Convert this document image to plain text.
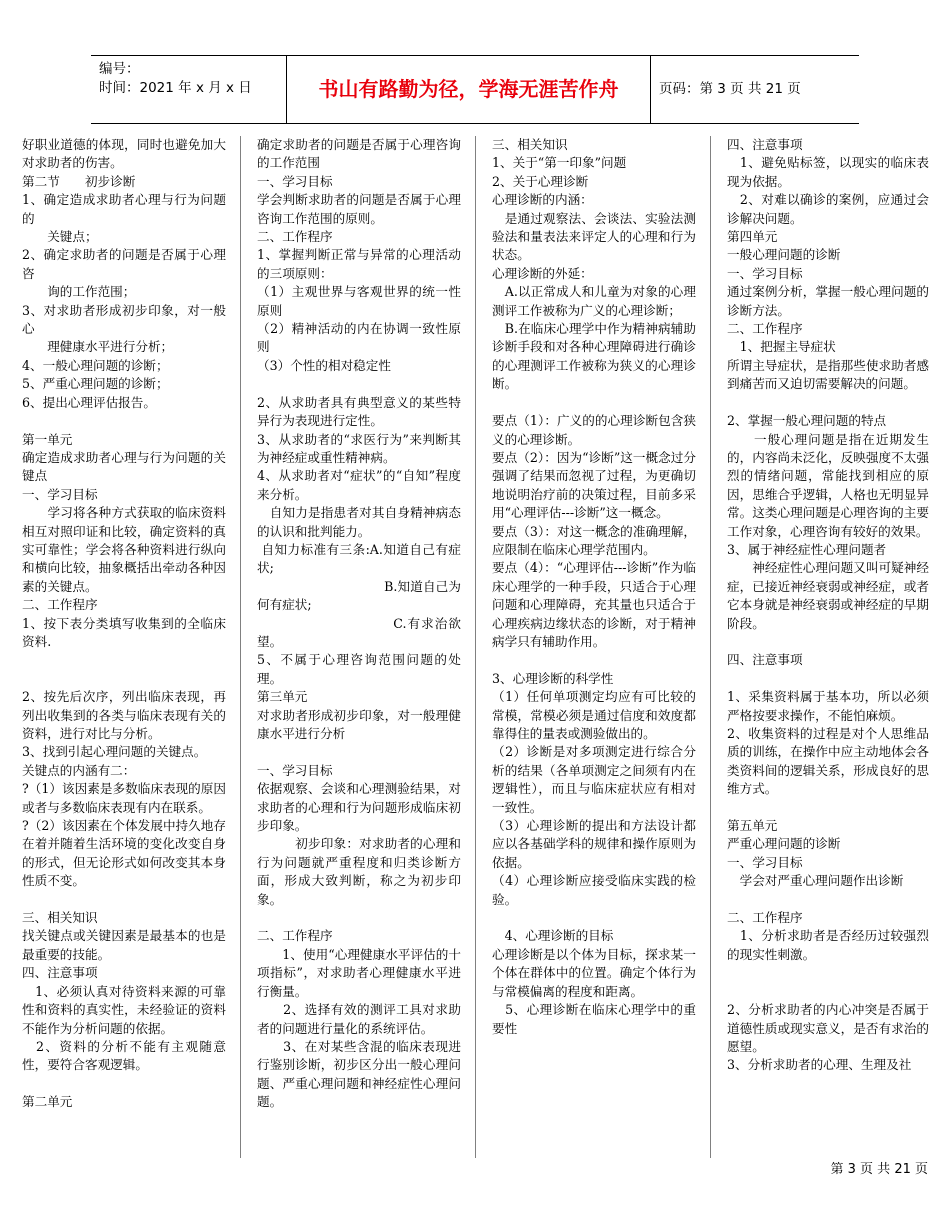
编号：
时间：2021 年 x 月 x 日	书山有路勤为径，学海无涯苦作舟	页码：第 3 页 共 21 页

好职业道德的体现，同时也避免加大对求助者的伤害。

第二节　　初步诊断

1、确定造成求助者心理与行为问题的

　　关键点；

2、确定求助者的问题是否属于心理咨

　　询的工作范围；

3、对求助者形成初步印象，对一般心

　　理健康水平进行分析；

4、一般心理问题的诊断；

5、严重心理问题的诊断；

6、提出心理评估报告。

第一单元

确定造成求助者心理与行为问题的关键点

一、学习目标

　　学习将各种方式获取的临床资料相互对照印证和比较，确定资料的真实可靠性；学会将各种资料进行纵向和横向比较，抽象概括出牵动各种因素的关键点。

二、工作程序

1、按下表分类填写收集到的全临床资料.

2、按先后次序，列出临床表现，再列出收集到的各类与临床表现有关的资料，进行对比与分析。

3、找到引起心理问题的关键点。

关键点的内涵有二：

?（1）该因素是多数临床表现的原因或者与多数临床表现有内在联系。

?（2）该因素在个体发展中持久地存在着并随着生活环境的变化改变自身的形式，但无论形式如何改变其本身性质不变。

三、相关知识

找关键点或关键因素是最基本的也是最重要的技能。

四、注意事项

　1、必须认真对待资料来源的可靠性和资料的真实性，未经验证的资料不能作为分析问题的依据。

　2、资料的分析不能有主观随意性，要符合客观逻辑。

第二单元

确定求助者的问题是否属于心理咨询的工作范围

一、学习目标

学会判断求助者的问题是否属于心理咨询工作范围的原则。

二、工作程序

1、掌握判断正常与异常的心理活动的三项原则：

（1）主观世界与客观世界的统一性原则

（2）精神活动的内在协调一致性原则

（3）个性的相对稳定性

2、从求助者具有典型意义的某些特异行为表现进行定性。

3、从求助者的“求医行为”来判断其为神经症或重性精神病。

4、从求助者对“症状”的“自知”程度来分析。

　自知力是指患者对其自身精神病态的认识和批判能力。

自知力标准有三条:A.知道自己有症状;

　　　　　　　　　　B.知道自己为何有症状;

　　　　　　　　　　C.有求治欲望。

5、不属于心理咨询范围问题的处理。

第三单元

对求助者形成初步印象，对一般理健康水平进行分析

一、学习目标

依据观察、会谈和心理测验结果，对求助者的心理和行为问题形成临床初步印象。

　　　初步印象：对求助者的心理和行为问题就严重程度和归类诊断方面，形成大致判断，称之为初步印象。

二、工作程序

　　1、使用“心理健康水平评估的十项指标”，对求助者心理健康水平进行衡量。

　　2、选择有效的测评工具对求助者的问题进行量化的系统评估。

　　3、在对某些含混的临床表现进行鉴别诊断，初步区分出一般心理问题、严重心理问题和神经症性心理问题。

三、相关知识

1、关于“第一印象”问题

2、关于心理诊断

心理诊断的内涵：

　是通过观察法、会谈法、实验法测验法和量表法来评定人的心理和行为状态。

心理诊断的外延：

　A.以正常成人和儿童为对象的心理测评工作被称为广义的心理诊断；

　B.在临床心理学中作为精神病辅助诊断手段和对各种心理障碍进行确诊的心理测评工作被称为狭义的心理诊断。

要点（1）：广义的的心理诊断包含狭义的心理诊断。

要点（2）：因为“诊断”这一概念过分强调了结果而忽视了过程，为更确切地说明治疗前的决策过程，目前多采用“心理评估---诊断”这一概念。

要点（3）：对这一概念的准确理解，应限制在临床心理学范围内。

要点（4）：“心理评估---诊断”作为临床心理学的一种手段，只适合于心理问题和心理障碍，充其量也只适合于心理疾病边缘状态的诊断，对于精神病学只有辅助作用。

3、心理诊断的科学性

（1）任何单项测定均应有可比较的常模，常模必须是通过信度和效度都靠得住的量表或测验做出的。

（2）诊断是对多项测定进行综合分析的结果（各单项测定之间须有内在逻辑性），而且与临床症状应有相对一致性。

（3）心理诊断的提出和方法设计都应以各基础学科的规律和操作原则为依据。

（4）心理诊断应接受临床实践的检验。

　4、心理诊断的目标

心理诊断是以个体为目标，探求某一个体在群体中的位置。确定个体行为与常模偏离的程度和距离。

　5、心理诊断在临床心理学中的重要性

四、注意事项

　1、避免贴标签，以现实的临床表现为依据。

　2、对难以确诊的案例，应通过会诊解决问题。

第四单元

一般心理问题的诊断

一、学习目标

通过案例分析，掌握一般心理问题的诊断方法。

二、工作程序

　1、把握主导症状

所谓主导症状，是指那些使求助者感到痛苦而又迫切需要解决的问题。

2、掌握一般心理问题的特点

　　一般心理问题是指在近期发生的，内容尚未泛化，反映强度不太强烈的情绪问题，常能找到相应的原因，思维合乎逻辑，人格也无明显异常。这类心理问题是心理咨询的主要工作对象，心理咨询有较好的效果。

3、属于神经症性心理问题者

　　神经症性心理问题又叫可疑神经症，已接近神经衰弱或神经症，或者它本身就是神经衰弱或神经症的早期阶段。

四、注意事项

1、采集资料属于基本功，所以必须严格按要求操作，不能怕麻烦。

2、收集资料的过程是对个人思维品质的训练，在操作中应主动地体会各类资料间的逻辑关系，形成良好的思维方式。

第五单元

严重心理问题的诊断

一、学习目标

　学会对严重心理问题作出诊断

二、工作程序

　1、分析求助者是否经历过较强烈的现实性刺激。

2、分析求助者的内心冲突是否属于道德性质或现实意义，是否有求治的愿望。

3、分析求助者的心理、生理及社

第 3 页 共 21 页
